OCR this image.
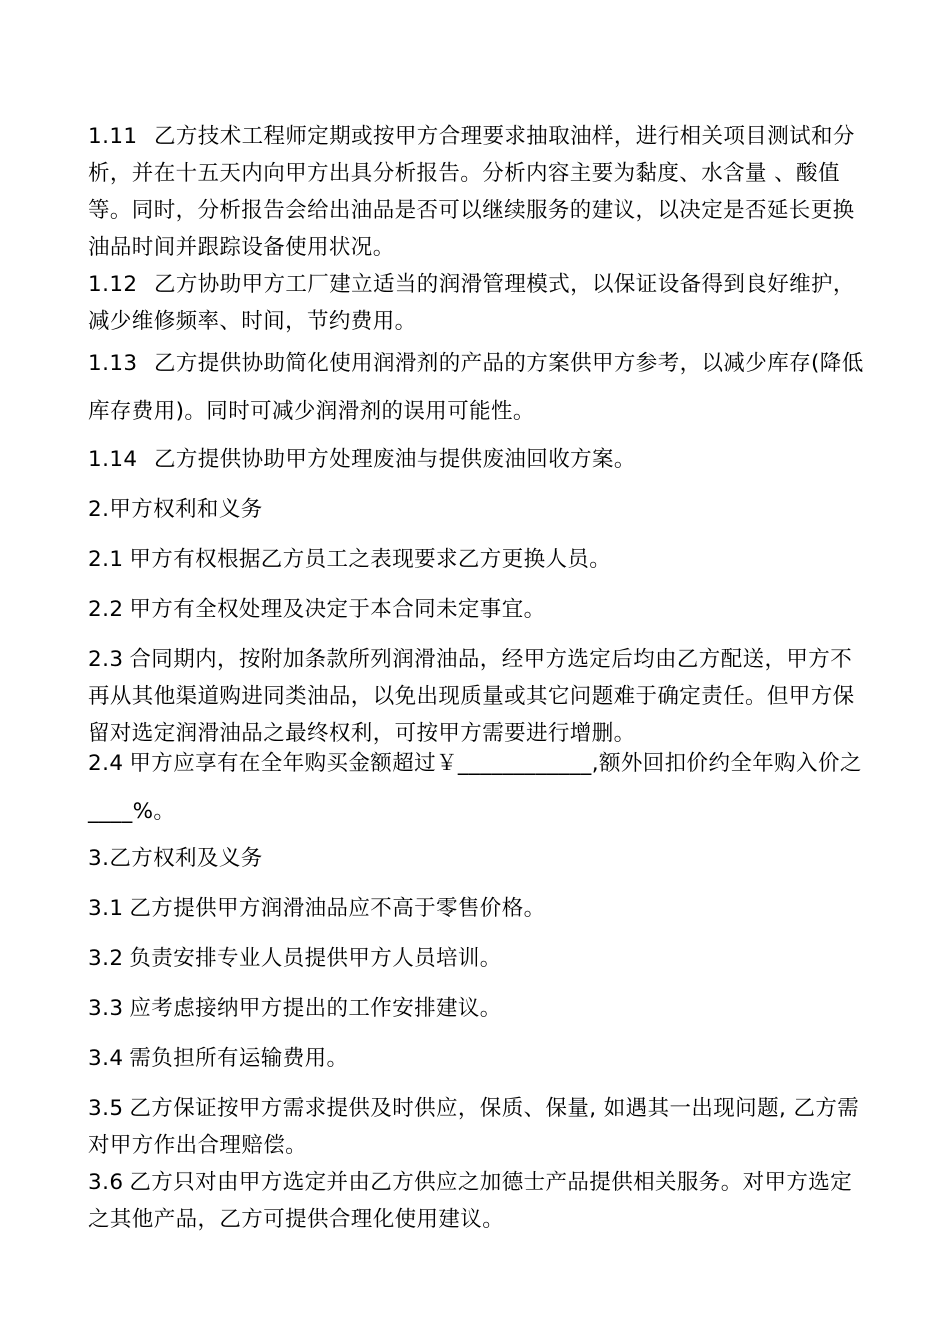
1.11 乙方技术工程师定期或按甲方合理要求抽取油样，进行相关项目测试和分析，并在十五天内向甲方出具分析报告。分析内容主要为黏度、水含量 、酸值等。同时，分析报告会给出油品是否可以继续服务的建议，以决定是否延长更换油品时间并跟踪设备使用状况。

1.12 乙方协助甲方工厂建立适当的润滑管理模式，以保证设备得到良好维护，减少维修频率、时间，节约费用。

1.13 乙方提供协助简化使用润滑剂的产品的方案供甲方参考，以减少库存(降低库存费用)。同时可减少润滑剂的误用可能性。

1.14 乙方提供协助甲方处理废油与提供废油回收方案。

2.甲方权利和义务

2.1 甲方有权根据乙方员工之表现要求乙方更换人员。

2.2 甲方有全权处理及决定于本合同未定事宜。

2.3 合同期内，按附加条款所列润滑油品，经甲方选定后均由乙方配送，甲方不再从其他渠道购进同类油品，以免出现质量或其它问题难于确定责任。但甲方保留对选定润滑油品之最终权利，可按甲方需要进行增删。

2.4 甲方应享有在全年购买金额超过￥____________,额外回扣价约全年购入价之____%。

3.乙方权利及义务

3.1 乙方提供甲方润滑油品应不高于零售价格。

3.2 负责安排专业人员提供甲方人员培训。

3.3 应考虑接纳甲方提出的工作安排建议。

3.4 需负担所有运输费用。

3.5 乙方保证按甲方需求提供及时供应，保质、保量, 如遇其一出现问题, 乙方需对甲方作出合理赔偿。

3.6 乙方只对由甲方选定并由乙方供应之加德士产品提供相关服务。对甲方选定之其他产品，乙方可提供合理化使用建议。
